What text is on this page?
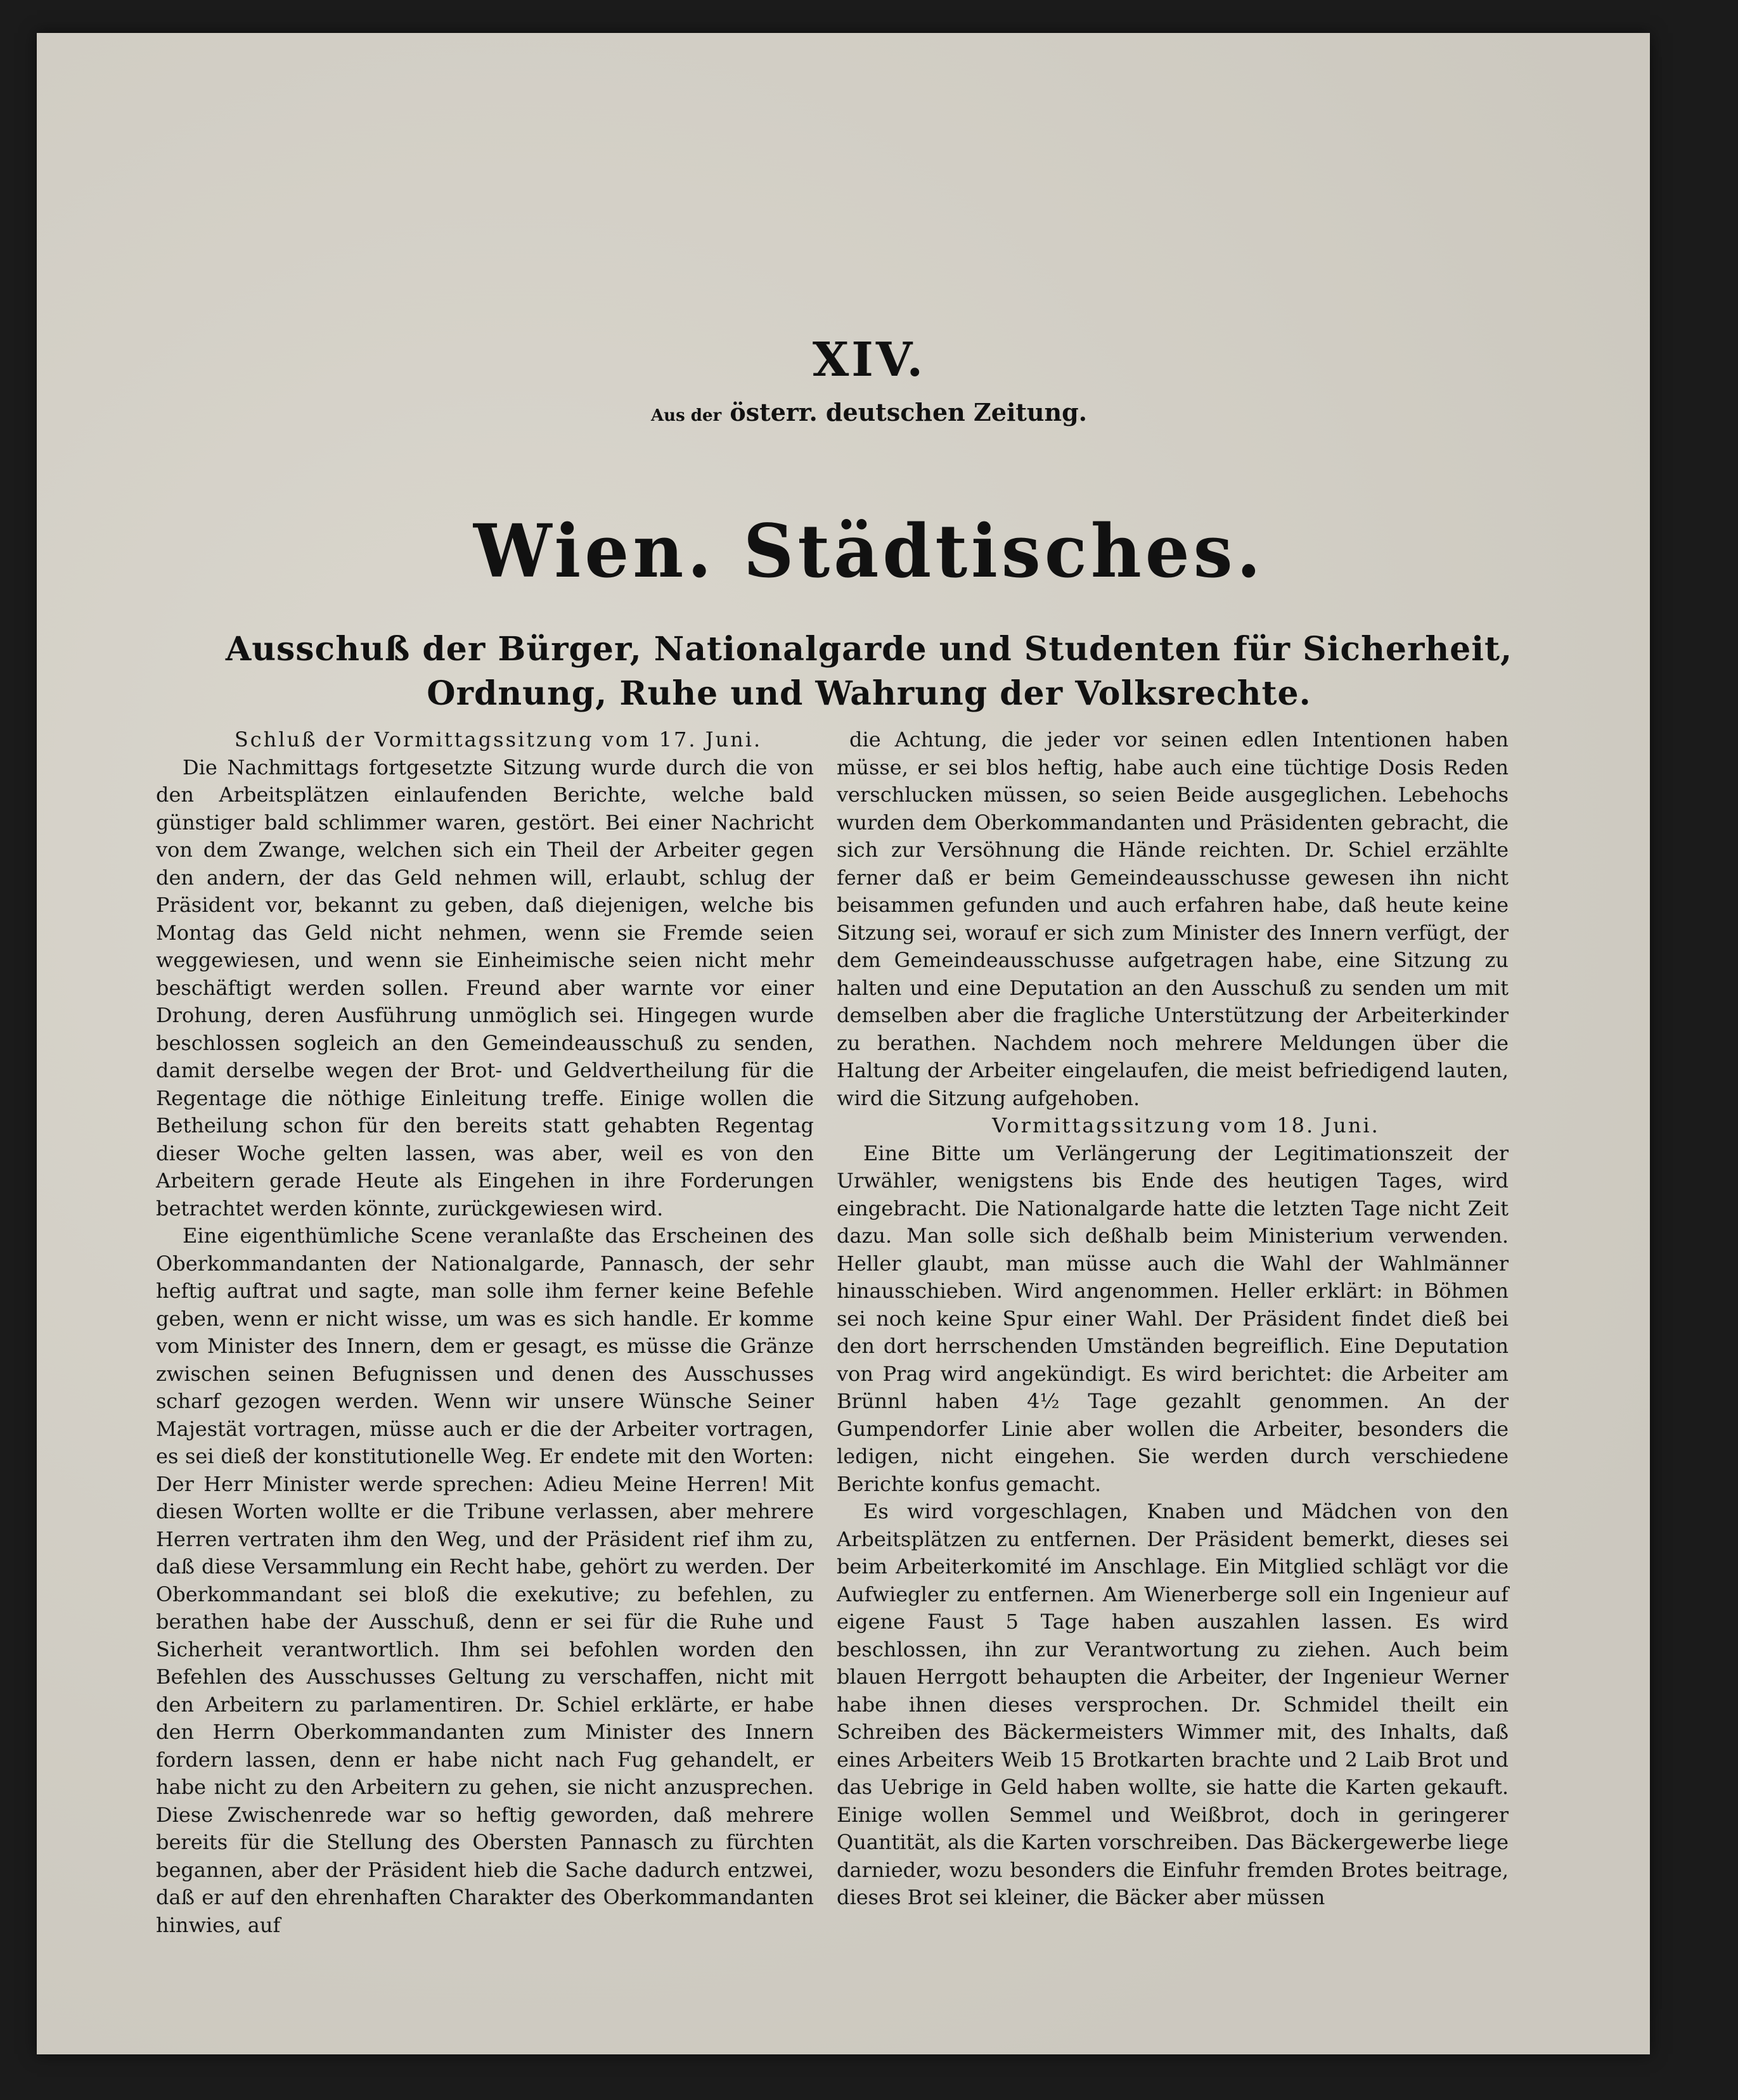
XIV.
Aus der österr. deutschen Zeitung.
Wien. Städtisches.
Ausschuß der Bürger, Nationalgarde und Studenten für Sicherheit,
Ordnung, Ruhe und Wahrung der Volksrechte.

Schluß der Vormittagssitzung vom 17. Juni.

Die Nachmittags fortgesetzte Sitzung wurde durch die von den Arbeitsplätzen einlaufenden Berichte, welche bald günstiger bald schlimmer waren, gestört. Bei einer Nachricht von dem Zwange, welchen sich ein Theil der Arbeiter gegen den andern, der das Geld nehmen will, erlaubt, schlug der Präsident vor, bekannt zu geben, daß diejenigen, welche bis Montag das Geld nicht nehmen, wenn sie Fremde seien weggewiesen, und wenn sie Einheimische seien nicht mehr beschäftigt werden sollen. Freund aber warnte vor einer Drohung, deren Ausführung unmöglich sei. Hingegen wurde beschlossen sogleich an den Gemeindeausschuß zu senden, damit derselbe wegen der Brot- und Geldvertheilung für die Regentage die nöthige Einleitung treffe. Einige wollen die Betheilung schon für den bereits statt gehabten Regentag dieser Woche gelten lassen, was aber, weil es von den Arbeitern gerade Heute als Eingehen in ihre Forderungen betrachtet werden könnte, zurückgewiesen wird.

Eine eigenthümliche Scene veranlaßte das Erscheinen des Oberkommandanten der Nationalgarde, Pannasch, der sehr heftig auftrat und sagte, man solle ihm ferner keine Befehle geben, wenn er nicht wisse, um was es sich handle. Er komme vom Minister des Innern, dem er gesagt, es müsse die Gränze zwischen seinen Befugnissen und denen des Ausschusses scharf gezogen werden. Wenn wir unsere Wünsche Seiner Majestät vortragen, müsse auch er die der Arbeiter vortragen, es sei dieß der konstitutionelle Weg. Er endete mit den Worten: Der Herr Minister werde sprechen: Adieu Meine Herren! Mit diesen Worten wollte er die Tribune verlassen, aber mehrere Herren vertraten ihm den Weg, und der Präsident rief ihm zu, daß diese Versammlung ein Recht habe, gehört zu werden. Der Oberkommandant sei bloß die exekutive; zu befehlen, zu berathen habe der Ausschuß, denn er sei für die Ruhe und Sicherheit verantwortlich. Ihm sei befohlen worden den Befehlen des Ausschusses Geltung zu verschaffen, nicht mit den Arbeitern zu parlamentiren. Dr. Schiel erklärte, er habe den Herrn Oberkommandanten zum Minister des Innern fordern lassen, denn er habe nicht nach Fug gehandelt, er habe nicht zu den Arbeitern zu gehen, sie nicht anzusprechen. Diese Zwischenrede war so heftig geworden, daß mehrere bereits für die Stellung des Obersten Pannasch zu fürchten begannen, aber der Präsident hieb die Sache dadurch entzwei, daß er auf den ehrenhaften Charakter des Oberkommandanten hinwies, auf

die Achtung, die jeder vor seinen edlen Intentionen haben müsse, er sei blos heftig, habe auch eine tüchtige Dosis Reden verschlucken müssen, so seien Beide ausgeglichen. Lebehochs wurden dem Oberkommandanten und Präsidenten gebracht, die sich zur Versöhnung die Hände reichten. Dr. Schiel erzählte ferner daß er beim Gemeindeausschusse gewesen ihn nicht beisammen gefunden und auch erfahren habe, daß heute keine Sitzung sei, worauf er sich zum Minister des Innern verfügt, der dem Gemeindeausschusse aufgetragen habe, eine Sitzung zu halten und eine Deputation an den Ausschuß zu senden um mit demselben aber die fragliche Unterstützung der Arbeiterkinder zu berathen. Nachdem noch mehrere Meldungen über die Haltung der Arbeiter eingelaufen, die meist befriedigend lauten, wird die Sitzung aufgehoben.

Vormittagssitzung vom 18. Juni.

Eine Bitte um Verlängerung der Legitimationszeit der Urwähler, wenigstens bis Ende des heutigen Tages, wird eingebracht. Die Nationalgarde hatte die letzten Tage nicht Zeit dazu. Man solle sich deßhalb beim Ministerium verwenden. Heller glaubt, man müsse auch die Wahl der Wahlmänner hinausschieben. Wird angenommen. Heller erklärt: in Böhmen sei noch keine Spur einer Wahl. Der Präsident findet dieß bei den dort herrschenden Umständen begreiflich. Eine Deputation von Prag wird angekündigt. Es wird berichtet: die Arbeiter am Brünnl haben 4½ Tage gezahlt genommen. An der Gumpendorfer Linie aber wollen die Arbeiter, besonders die ledigen, nicht eingehen. Sie werden durch verschiedene Berichte konfus gemacht.

Es wird vorgeschlagen, Knaben und Mädchen von den Arbeitsplätzen zu entfernen. Der Präsident bemerkt, dieses sei beim Arbeiterkomité im Anschlage. Ein Mitglied schlägt vor die Aufwiegler zu entfernen. Am Wienerberge soll ein Ingenieur auf eigene Faust 5 Tage haben auszahlen lassen. Es wird beschlossen, ihn zur Verantwortung zu ziehen. Auch beim blauen Herrgott behaupten die Arbeiter, der Ingenieur Werner habe ihnen dieses versprochen. Dr. Schmidel theilt ein Schreiben des Bäckermeisters Wimmer mit, des Inhalts, daß eines Arbeiters Weib 15 Brotkarten brachte und 2 Laib Brot und das Uebrige in Geld haben wollte, sie hatte die Karten gekauft. Einige wollen Semmel und Weißbrot, doch in geringerer Quantität, als die Karten vorschreiben. Das Bäckergewerbe liege darnieder, wozu besonders die Einfuhr fremden Brotes beitrage, dieses Brot sei kleiner, die Bäcker aber müssen
